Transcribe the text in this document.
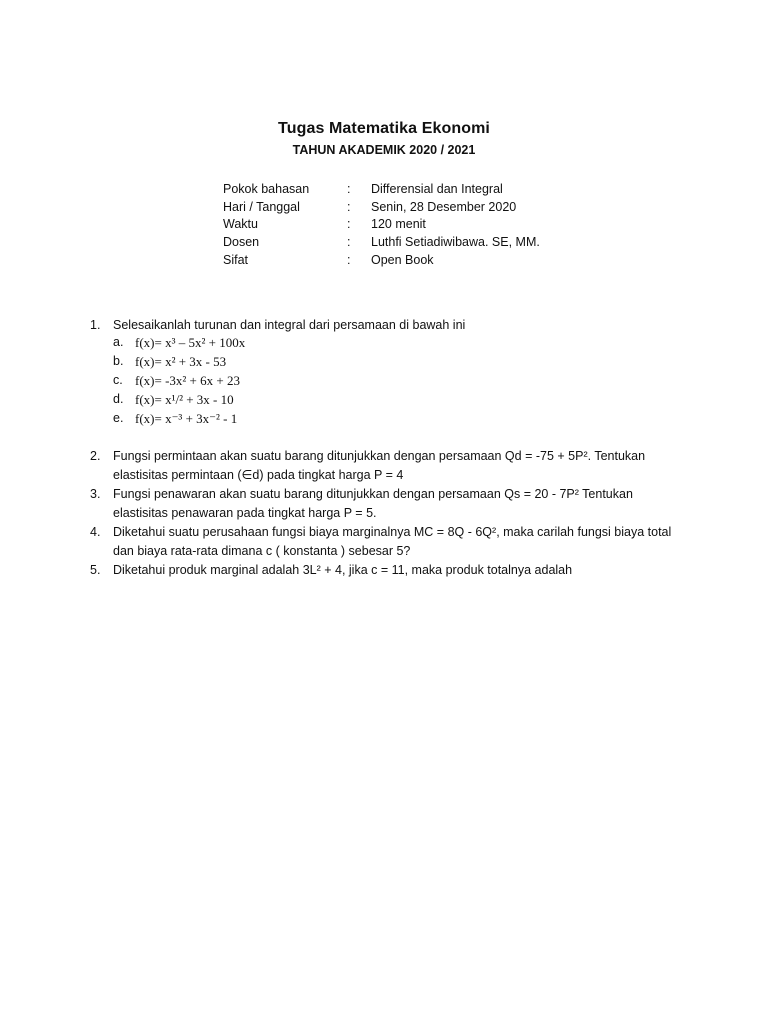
Tugas Matematika Ekonomi
TAHUN AKADEMIK 2020 / 2021
Pokok bahasan	: Differensial dan Integral
Hari / Tanggal	: Senin, 28 Desember 2020
Waktu	: 120 menit
Dosen	: Luthfi Setiadiwibawa. SE, MM.
Sifat	: Open Book
1. Selesaikanlah turunan dan integral dari persamaan di bawah ini
a. f(x)= x³ – 5x² + 100x
b. f(x)= x² + 3x - 53
c. f(x)= -3x² + 6x + 23
d. f(x)= x¹/² + 3x - 10
e. f(x)= x⁻³ + 3x⁻² - 1
2. Fungsi permintaan akan suatu barang ditunjukkan dengan persamaan Qd = -75 + 5P². Tentukan
elastisitas permintaan (∈d) pada tingkat harga P = 4
3. Fungsi penawaran akan suatu barang ditunjukkan dengan persamaan Qs = 20 - 7P² Tentukan
elastisitas penawaran pada tingkat harga P = 5.
4. Diketahui suatu perusahaan fungsi biaya marginalnya MC = 8Q - 6Q², maka carilah fungsi biaya total
dan biaya rata-rata dimana c ( konstanta ) sebesar 5?
5. Diketahui produk marginal adalah 3L² + 4, jika c = 11, maka produk totalnya adalah
